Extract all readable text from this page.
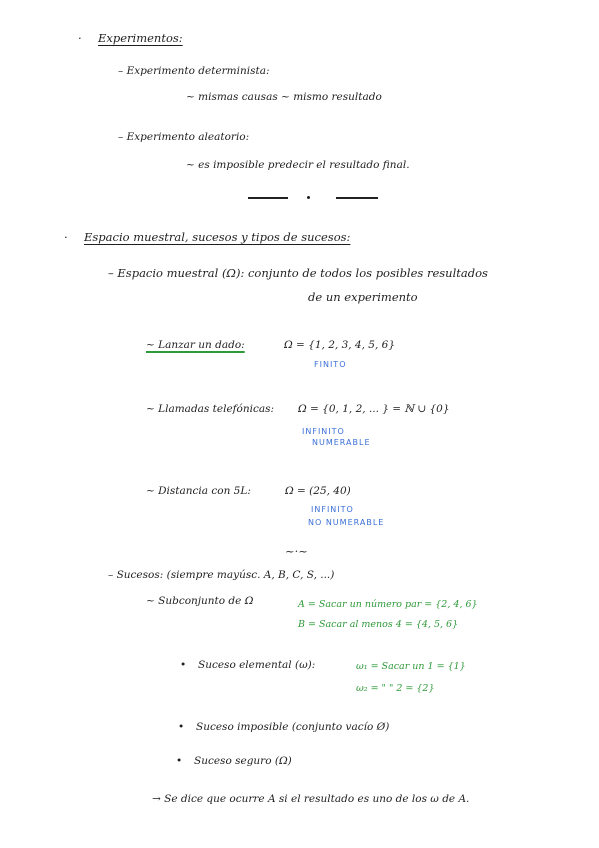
· Experimentos:
– Experimento determinista:
~ mismas causas ~ mismo resultado
– Experimento aleatorio:
~ es imposible predecir el resultado final.
· Espacio muestral, sucesos y tipos de sucesos:
– Espacio muestral (Ω): conjunto de todos los posibles resultados
de un experimento
~ Lanzar un dado:	Ω = {1, 2, 3, 4, 5, 6}
FINITO
~ Llamadas telefónicas: Ω = {0, 1, 2, ... } = ℕ ∪ {0}
INFINITO
NUMERABLE
~ Distancia con 5L:	Ω = (25, 40)
INFINITO
NO NUMERABLE
~·~
– Sucesos: (siempre mayúsc. A, B, C, S, ...)
~ Subconjunto de Ω	A = Sacar un número par = {2, 4, 6}
B = Sacar al menos 4 = {4, 5, 6}
• Suceso elemental (ω):	ω₁ = Sacar un 1 = {1}
ω₂ = " " 2 = {2}
• Suceso imposible (conjunto vacío Ø)
• Suceso seguro (Ω)
→ Se dice que ocurre A si el resultado es uno de los ω de A.
